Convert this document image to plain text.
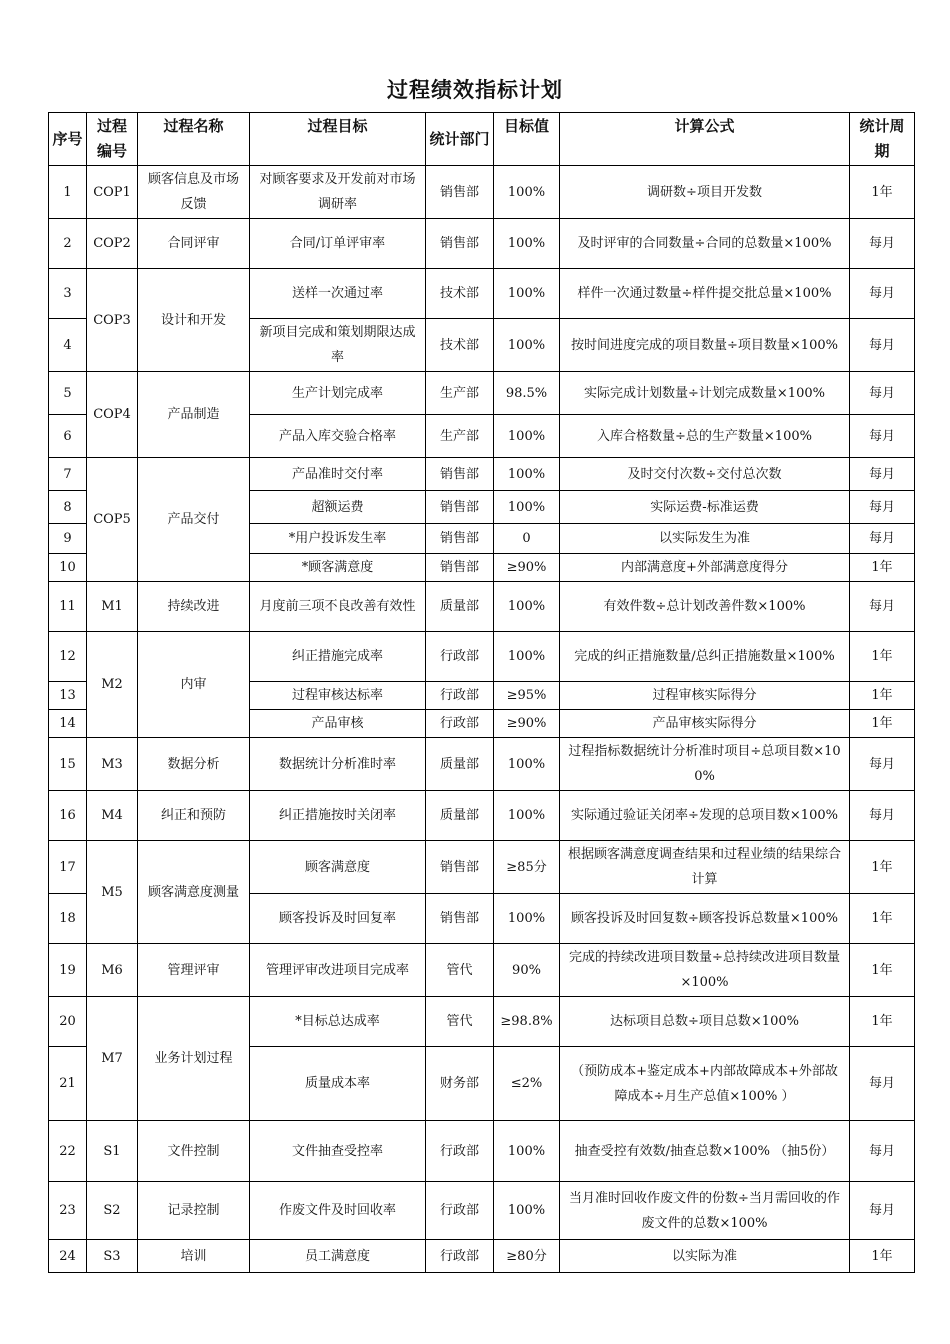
过程绩效指标计划
序号	过程编号	过程名称	过程目标	统计部门	目标值	计算公式	统计周期
1	COP1	顾客信息及市场反馈	对顾客要求及开发前对市场调研率	销售部	100%	调研数÷项目开发数	1年
2	COP2	合同评审	合同/订单评审率	销售部	100%	及时评审的合同数量÷合同的总数量×100%	每月
3	COP3	设计和开发	送样一次通过率	技术部	100%	样件一次通过数量÷样件提交批总量×100%	每月
4			新项目完成和策划期限达成率	技术部	100%	按时间进度完成的项目数量÷项目数量×100%	每月
5	COP4	产品制造	生产计划完成率	生产部	98.5%	实际完成计划数量÷计划完成数量×100%	每月
6			产品入库交验合格率	生产部	100%	入库合格数量÷总的生产数量×100%	每月
7	COP5	产品交付	产品准时交付率	销售部	100%	及时交付次数÷交付总次数	每月
8			超额运费	销售部	100%	实际运费-标准运费	每月
9			*用户投诉发生率	销售部	0	以实际发生为准	每月
10			*顾客满意度	销售部	≥90%	内部满意度+外部满意度得分	1年
11	M1	持续改进	月度前三项不良改善有效性	质量部	100%	有效件数÷总计划改善件数×100%	每月
12	M2	内审	纠正措施完成率	行政部	100%	完成的纠正措施数量/总纠正措施数量×100%	1年
13			过程审核达标率	行政部	≥95%	过程审核实际得分	1年
14			产品审核	行政部	≥90%	产品审核实际得分	1年
15	M3	数据分析	数据统计分析准时率	质量部	100%	过程指标数据统计分析准时项目÷总项目数×100%	每月
16	M4	纠正和预防	纠正措施按时关闭率	质量部	100%	实际通过验证关闭率÷发现的总项目数×100%	每月
17	M5	顾客满意度测量	顾客满意度	销售部	≥85分	根据顾客满意度调查结果和过程业绩的结果综合计算	1年
18			顾客投诉及时回复率	销售部	100%	顾客投诉及时回复数÷顾客投诉总数量×100%	1年
19	M6	管理评审	管理评审改进项目完成率	管代	90%	完成的持续改进项目数量÷总持续改进项目数量×100%	1年
20	M7	业务计划过程	*目标总达成率	管代	≥98.8%	达标项目总数÷项目总数×100%	1年
21			质量成本率	财务部	≤2%	（预防成本+鉴定成本+内部故障成本+外部故障成本÷月生产总值×100% ）	每月
22	S1	文件控制	文件抽查受控率	行政部	100%	抽查受控有效数/抽查总数×100% （抽5份）	每月
23	S2	记录控制	作废文件及时回收率	行政部	100%	当月准时回收作废文件的份数÷当月需回收的作废文件的总数×100%	每月
24	S3	培训	员工满意度	行政部	≥80分	以实际为准	1年
